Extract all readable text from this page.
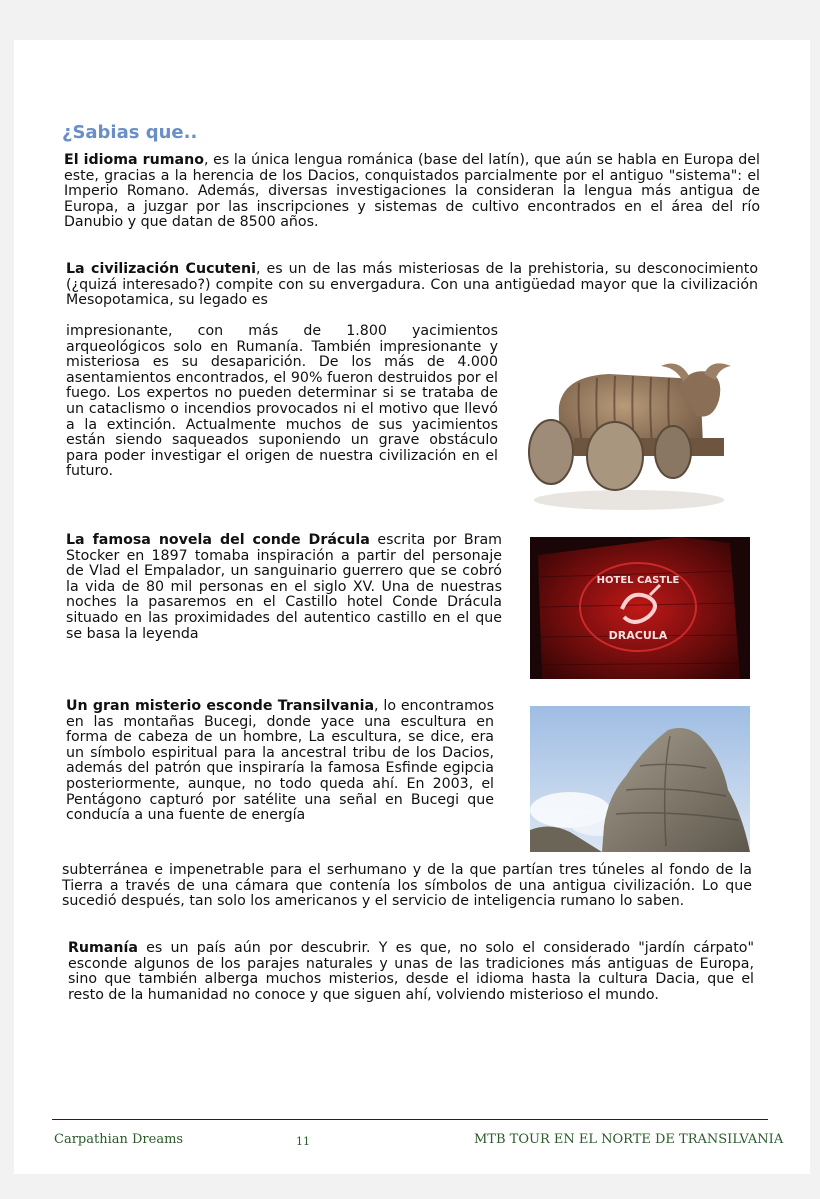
¿Sabias que..

El idioma rumano, es la única lengua románica (base del latín), que aún se habla en Europa del este, gracias a la herencia de los Dacios, conquistados parcialmente por el antiguo "sistema": el Imperio Romano. Además, diversas investigaciones la consideran la lengua más antigua de Europa, a juzgar por las inscripciones y sistemas de cultivo encontrados en el área del río Danubio y que datan de 8500 años.

La civilización Cucuteni, es un de las más misteriosas de la prehistoria, su desconocimiento (¿quizá interesado?) compite con su envergadura. Con una antigüedad mayor que la civilización Mesopotamica, su legado es

impresionante, con más de 1.800 yacimientos arqueológicos solo en Rumanía. También impresionante y misteriosa es su desaparición. De los más de 4.000 asentamientos encontrados, el 90% fueron destruidos por el fuego. Los expertos no pueden determinar si se trataba de un cataclismo o incendios provocados ni el motivo que llevó a la extinción. Actualmente muchos de sus yacimientos están siendo saqueados suponiendo un grave obstáculo para poder investigar el origen de nuestra civilización en el futuro.

La famosa novela del conde Drácula escrita por Bram Stocker en 1897 tomaba inspiración a partir del personaje de Vlad el Empalador, un sanguinario guerrero que se cobró la vida de 80 mil personas en el siglo XV. Una de nuestras noches la pasaremos en el Castillo hotel Conde Drácula situado en las proximidades del autentico castillo en el que se basa la leyenda

Un gran misterio esconde Transilvania, lo encontramos en las montañas Bucegi, donde yace una escultura en forma de cabeza de un hombre, La escultura, se dice, era un símbolo espiritual para la ancestral tribu de los Dacios, además del patrón que inspiraría la famosa Esfinde egipcia posteriormente, aunque, no todo queda ahí. En 2003, el Pentágono capturó por satélite una señal en Bucegi que conducía a una fuente de energía

subterránea e impenetrable para el serhumano y de la que partían tres túneles al fondo de la Tierra a través de una cámara que contenía los símbolos de una antigua civilización. Lo que sucedió después, tan solo los americanos y el servicio de inteligencia rumano lo saben.

Rumanía es un país aún por descubrir. Y es que, no solo el considerado "jardín cárpato" esconde algunos de los parajes naturales y unas de las tradiciones más antiguas de Europa, sino que también alberga muchos misterios, desde el idioma hasta la cultura Dacia, que el resto de la humanidad no conoce y que siguen ahí, volviendo misterioso el mundo.

HOTEL CASTLE
DRACULA
Carpathian Dreams	11	MTB TOUR EN EL NORTE DE TRANSILVANIA
